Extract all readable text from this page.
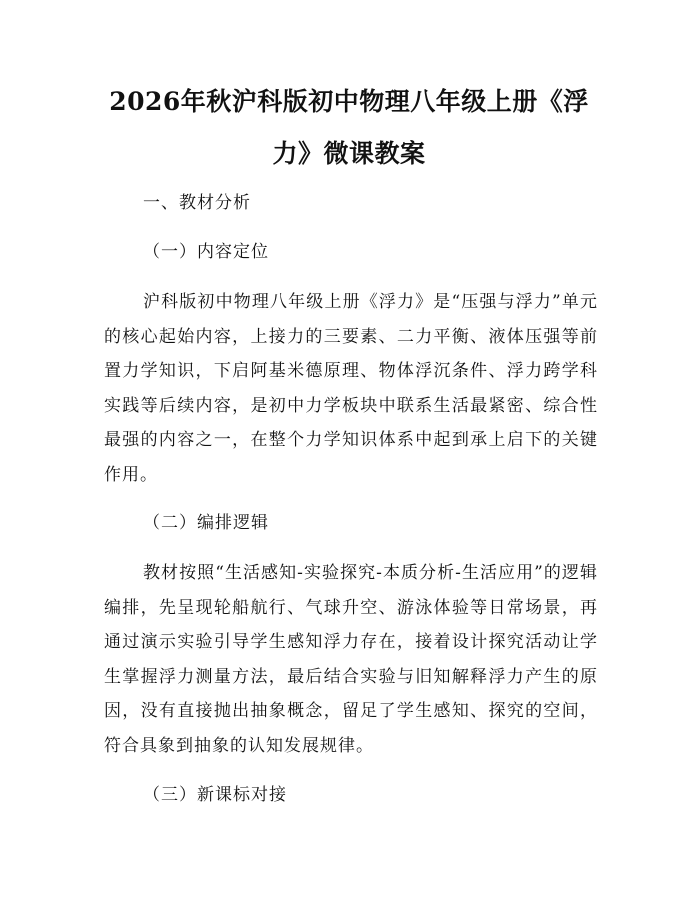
2026年秋沪科版初中物理八年级上册《浮力》微课教案

一、教材分析

（一）内容定位

沪科版初中物理八年级上册《浮力》是“压强与浮力”单元的核心起始内容，上接力的三要素、二力平衡、液体压强等前置力学知识，下启阿基米德原理、物体浮沉条件、浮力跨学科实践等后续内容，是初中力学板块中联系生活最紧密、综合性最强的内容之一，在整个力学知识体系中起到承上启下的关键作用。

（二）编排逻辑

教材按照“生活感知-实验探究-本质分析-生活应用”的逻辑编排，先呈现轮船航行、气球升空、游泳体验等日常场景，再通过演示实验引导学生感知浮力存在，接着设计探究活动让学生掌握浮力测量方法，最后结合实验与旧知解释浮力产生的原因，没有直接抛出抽象概念，留足了学生感知、探究的空间，符合具象到抽象的认知发展规律。

（三）新课标对接
